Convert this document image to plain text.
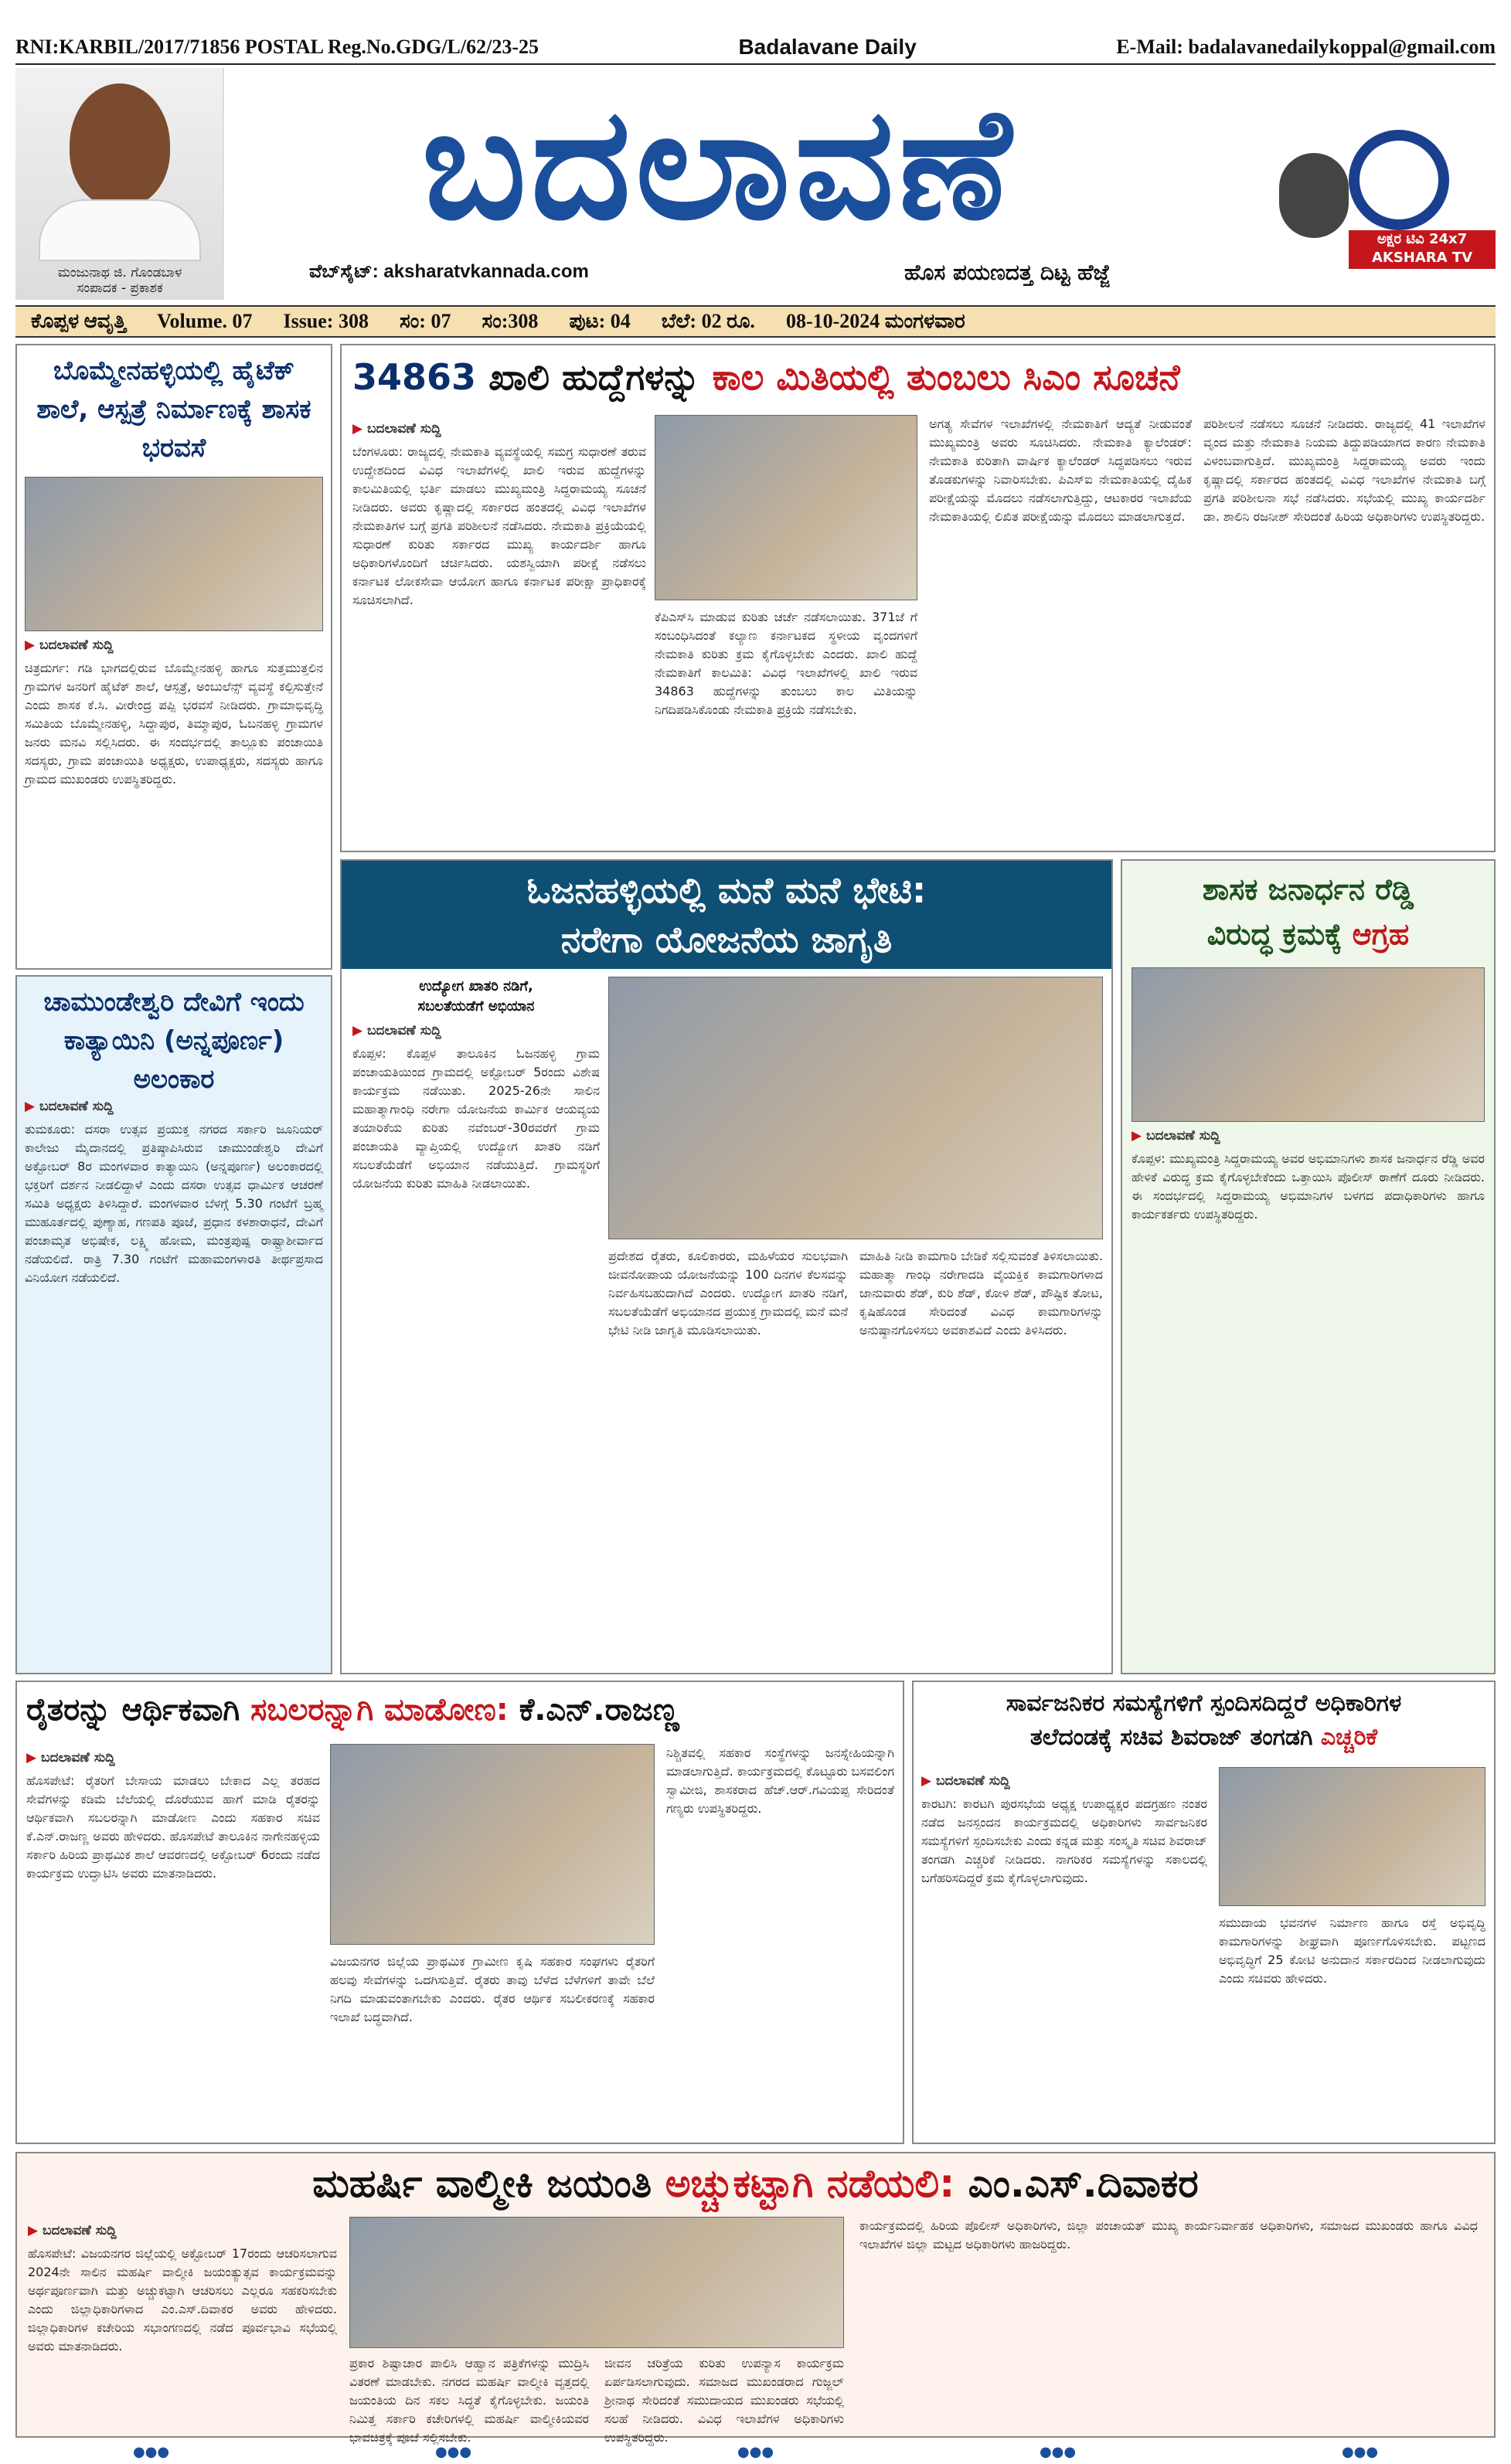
RNI:KARBIL/2017/71856 POSTAL Reg.No.GDG/L/62/23-25	Badalavane Daily	E-Mail: badalavanedailykoppal@gmail.com
ಮಂಜುನಾಥ ಜಿ. ಗೊಂಡಬಾಳ
ಸಂಪಾದಕ - ಪ್ರಕಾಶಕ
ಬದಲಾವಣೆ
ವೆಬ್‌ಸೈಟ್: aksharatvkannada.com	ಹೊಸ ಪಯಣದತ್ತ ದಿಟ್ಟ ಹೆಜ್ಜೆ
ಅಕ್ಷರ ಟಿವಿ 24x7
AKSHARA TV KANNADA
ಕೊಪ್ಪಳ ಆವೃತ್ತಿ Volume. 07 Issue: 308 ಸಂ: 07 ಸಂ:308 ಪುಟ: 04 ಬೆಲೆ: 02 ರೂ. 08-10-2024 ಮಂಗಳವಾರ
ಬೊಮ್ಮೇನಹಳ್ಳಿಯಲ್ಲಿ ಹೈಟೆಕ್ ಶಾಲೆ, ಆಸ್ಪತ್ರೆ ನಿರ್ಮಾಣಕ್ಕೆ ಶಾಸಕ ಭರವಸೆ
▶ ಬದಲಾವಣೆ ಸುದ್ದಿ
ಚಿತ್ರದುರ್ಗ: ಗಡಿ ಭಾಗದಲ್ಲಿರುವ ಬೊಮ್ಮೇನಹಳ್ಳಿ ಹಾಗೂ ಸುತ್ತಮುತ್ತಲಿನ ಗ್ರಾಮಗಳ ಜನರಿಗೆ ಹೈಟೆಕ್ ಶಾಲೆ, ಆಸ್ಪತ್ರೆ, ಅಂಬುಲೆನ್ಸ್ ವ್ಯವಸ್ಥೆ ಕಲ್ಪಿಸುತ್ತೇನೆ ಎಂದು ಶಾಸಕ ಕೆ.ಸಿ. ವೀರೇಂದ್ರ ಪಪ್ಪಿ ಭರವಸೆ ನೀಡಿದರು. ಗ್ರಾಮಾಭಿವೃದ್ಧಿ ಸಮಿತಿಯ ಬೊಮ್ಮೇನಹಳ್ಳಿ, ಸಿದ್ದಾಪುರ, ತಿಮ್ಮಾಪುರ, ಓಬನಹಳ್ಳಿ ಗ್ರಾಮಗಳ ಜನರು ಮನವಿ ಸಲ್ಲಿಸಿದರು. ಈ ಸಂದರ್ಭದಲ್ಲಿ ತಾಲ್ಲೂಕು ಪಂಚಾಯಿತಿ ಸದಸ್ಯರು, ಗ್ರಾಮ ಪಂಚಾಯಿತಿ ಅಧ್ಯಕ್ಷರು, ಉಪಾಧ್ಯಕ್ಷರು, ಸದಸ್ಯರು ಹಾಗೂ ಗ್ರಾಮದ ಮುಖಂಡರು ಉಪಸ್ಥಿತರಿದ್ದರು.
ಚಾಮುಂಡೇಶ್ವರಿ ದೇವಿಗೆ ಇಂದು ಕಾತ್ಯಾಯಿನಿ (ಅನ್ನಪೂರ್ಣ) ಅಲಂಕಾರ
▶ ಬದಲಾವಣೆ ಸುದ್ದಿ
ತುಮಕೂರು: ದಸರಾ ಉತ್ಸವ ಪ್ರಯುಕ್ತ ನಗರದ ಸರ್ಕಾರಿ ಜೂನಿಯರ್ ಕಾಲೇಜು ಮೈದಾನದಲ್ಲಿ ಪ್ರತಿಷ್ಠಾಪಿಸಿರುವ ಚಾಮುಂಡೇಶ್ವರಿ ದೇವಿಗೆ ಅಕ್ಟೋಬರ್ 8ರ ಮಂಗಳವಾರ ಕಾತ್ಯಾಯಿನಿ (ಅನ್ನಪೂರ್ಣ) ಅಲಂಕಾರದಲ್ಲಿ ಭಕ್ತರಿಗೆ ದರ್ಶನ ನೀಡಲಿದ್ದಾಳೆ ಎಂದು ದಸರಾ ಉತ್ಸವ ಧಾರ್ಮಿಕ ಆಚರಣೆ ಸಮಿತಿ ಅಧ್ಯಕ್ಷರು ತಿಳಿಸಿದ್ದಾರೆ. ಮಂಗಳವಾರ ಬೆಳಗ್ಗೆ 5.30 ಗಂಟೆಗೆ ಬ್ರಹ್ಮ ಮುಹೂರ್ತದಲ್ಲಿ ಪುಣ್ಯಾಹ, ಗಣಪತಿ ಪೂಜೆ, ಪ್ರಧಾನ ಕಳಶಾರಾಧನೆ, ದೇವಿಗೆ ಪಂಚಾಮೃತ ಅಭಿಷೇಕ, ಲಕ್ಷ್ಮಿ ಹೋಮ, ಮಂತ್ರಪುಷ್ಪ ರಾಷ್ಟ್ರಾಶೀರ್ವಾದ ನಡೆಯಲಿದೆ. ರಾತ್ರಿ 7.30 ಗಂಟೆಗೆ ಮಹಾಮಂಗಳಾರತಿ ತೀರ್ಥಪ್ರಸಾದ ವಿನಿಯೋಗ ನಡೆಯಲಿದೆ.
34863 ಖಾಲಿ ಹುದ್ದೆಗಳನ್ನು ಕಾಲ ಮಿತಿಯಲ್ಲಿ ತುಂಬಲು ಸಿಎಂ ಸೂಚನೆ
▶ ಬದಲಾವಣೆ ಸುದ್ದಿ
ಬೆಂಗಳೂರು: ರಾಜ್ಯದಲ್ಲಿ ನೇಮಕಾತಿ ವ್ಯವಸ್ಥೆಯಲ್ಲಿ ಸಮಗ್ರ ಸುಧಾರಣೆ ತರುವ ಉದ್ದೇಶದಿಂದ ವಿವಿಧ ಇಲಾಖೆಗಳಲ್ಲಿ ಖಾಲಿ ಇರುವ ಹುದ್ದೆಗಳನ್ನು ಕಾಲಮಿತಿಯಲ್ಲಿ ಭರ್ತಿ ಮಾಡಲು ಮುಖ್ಯಮಂತ್ರಿ ಸಿದ್ದರಾಮಯ್ಯ ಸೂಚನೆ ನೀಡಿದರು. ಅವರು ಕೃಷ್ಣಾದಲ್ಲಿ ಸರ್ಕಾರದ ಹಂತದಲ್ಲಿ ವಿವಿಧ ಇಲಾಖೆಗಳ ನೇಮಕಾತಿಗಳ ಬಗ್ಗೆ ಪ್ರಗತಿ ಪರಿಶೀಲನೆ ನಡೆಸಿದರು. ನೇಮಕಾತಿ ಪ್ರಕ್ರಿಯೆಯಲ್ಲಿ ಸುಧಾರಣೆ ಕುರಿತು ಸರ್ಕಾರದ ಮುಖ್ಯ ಕಾರ್ಯದರ್ಶಿ ಹಾಗೂ ಅಧಿಕಾರಿಗಳೊಂದಿಗೆ ಚರ್ಚಿಸಿದರು. ಯಶಸ್ವಿಯಾಗಿ ಪರೀಕ್ಷೆ ನಡೆಸಲು ಕರ್ನಾಟಕ ಲೋಕಸೇವಾ ಆಯೋಗ ಹಾಗೂ ಕರ್ನಾಟಕ ಪರೀಕ್ಷಾ ಪ್ರಾಧಿಕಾರಕ್ಕೆ ಸೂಚಿಸಲಾಗಿದೆ.
ಕೆಪಿಎಸ್‌ಸಿ ಮಾಡುವ ಕುರಿತು ಚರ್ಚೆ ನಡೆಸಲಾಯಿತು. 371ಜೆ ಗೆ ಸಂಬಂಧಿಸಿದಂತೆ ಕಲ್ಯಾಣ ಕರ್ನಾಟಕದ ಸ್ಥಳೀಯ ವೃಂದಗಳಿಗೆ ನೇಮಕಾತಿ ಕುರಿತು ಕ್ರಮ ಕೈಗೊಳ್ಳಬೇಕು ಎಂದರು. ಖಾಲಿ ಹುದ್ದೆ ನೇಮಕಾತಿಗೆ ಕಾಲಮಿತಿ: ವಿವಿಧ ಇಲಾಖೆಗಳಲ್ಲಿ ಖಾಲಿ ಇರುವ 34863 ಹುದ್ದೆಗಳನ್ನು ತುಂಬಲು ಕಾಲ ಮಿತಿಯನ್ನು ನಿಗದಿಪಡಿಸಿಕೊಂಡು ನೇಮಕಾತಿ ಪ್ರಕ್ರಿಯೆ ನಡೆಸಬೇಕು.
ಅಗತ್ಯ ಸೇವೆಗಳ ಇಲಾಖೆಗಳಲ್ಲಿ ನೇಮಕಾತಿಗೆ ಆದ್ಯತೆ ನೀಡುವಂತೆ ಮುಖ್ಯಮಂತ್ರಿ ಅವರು ಸೂಚಿಸಿದರು. ನೇಮಕಾತಿ ಕ್ಯಾಲೆಂಡರ್: ನೇಮಕಾತಿ ಕುರಿತಾಗಿ ವಾರ್ಷಿಕ ಕ್ಯಾಲೆಂಡರ್ ಸಿದ್ಧಪಡಿಸಲು ಇರುವ ತೊಡಕುಗಳನ್ನು ನಿವಾರಿಸಬೇಕು. ಪಿಎಸ್‌ಐ ನೇಮಕಾತಿಯಲ್ಲಿ ದೈಹಿಕ ಪರೀಕ್ಷೆಯನ್ನು ಮೊದಲು ನಡೆಸಲಾಗುತ್ತಿದ್ದು, ಆಟಕಾರರ ಇಲಾಖೆಯ ನೇಮಕಾತಿಯಲ್ಲಿ ಲಿಖಿತ ಪರೀಕ್ಷೆಯನ್ನು ಮೊದಲು ಮಾಡಲಾಗುತ್ತದೆ.
ಪರಿಶೀಲನೆ ನಡೆಸಲು ಸೂಚನೆ ನೀಡಿದರು. ರಾಜ್ಯದಲ್ಲಿ 41 ಇಲಾಖೆಗಳ ವೃಂದ ಮತ್ತು ನೇಮಕಾತಿ ನಿಯಮ ತಿದ್ದುಪಡಿಯಾಗದ ಕಾರಣ ನೇಮಕಾತಿ ವಿಳಂಬವಾಗುತ್ತಿದೆ. ಮುಖ್ಯಮಂತ್ರಿ ಸಿದ್ದರಾಮಯ್ಯ ಅವರು ಇಂದು ಕೃಷ್ಣಾದಲ್ಲಿ ಸರ್ಕಾರದ ಹಂತದಲ್ಲಿ ವಿವಿಧ ಇಲಾಖೆಗಳ ನೇಮಕಾತಿ ಬಗ್ಗೆ ಪ್ರಗತಿ ಪರಿಶೀಲನಾ ಸಭೆ ನಡೆಸಿದರು. ಸಭೆಯಲ್ಲಿ ಮುಖ್ಯ ಕಾರ್ಯದರ್ಶಿ ಡಾ. ಶಾಲಿನಿ ರಜನೀಶ್ ಸೇರಿದಂತೆ ಹಿರಿಯ ಅಧಿಕಾರಿಗಳು ಉಪಸ್ಥಿತರಿದ್ದರು.
ಓಜನಹಳ್ಳಿಯಲ್ಲಿ ಮನೆ ಮನೆ ಭೇಟಿ:
ನರೇಗಾ ಯೋಜನೆಯ ಜಾಗೃತಿ
ಉದ್ಯೋಗ ಖಾತರಿ ನಡಿಗೆ,
ಸಬಲತೆಯಡೆಗೆ ಅಭಿಯಾನ
▶ ಬದಲಾವಣೆ ಸುದ್ದಿ
ಕೊಪ್ಪಳ: ಕೊಪ್ಪಳ ತಾಲೂಕಿನ ಓಜನಹಳ್ಳಿ ಗ್ರಾಮ ಪಂಚಾಯತಿಯಿಂದ ಗ್ರಾಮದಲ್ಲಿ ಅಕ್ಟೋಬರ್ 5ರಂದು ವಿಶೇಷ ಕಾರ್ಯಕ್ರಮ ನಡೆಯಿತು. 2025-26ನೇ ಸಾಲಿನ ಮಹಾತ್ಮಾಗಾಂಧಿ ನರೇಗಾ ಯೋಜನೆಯ ಕಾರ್ಮಿಕ ಆಯವ್ಯಯ ತಯಾರಿಕೆಯ ಕುರಿತು ನವೆಂಬರ್-30ರವರೆಗೆ ಗ್ರಾಮ ಪಂಚಾಯತಿ ವ್ಯಾಪ್ತಿಯಲ್ಲಿ ಉದ್ಯೋಗ ಖಾತರಿ ನಡಿಗೆ ಸಬಲತೆಯೆಡೆಗೆ ಅಭಿಯಾನ ನಡೆಯುತ್ತಿದೆ. ಗ್ರಾಮಸ್ಥರಿಗೆ ಯೋಜನೆಯ ಕುರಿತು ಮಾಹಿತಿ ನೀಡಲಾಯಿತು.
ಪ್ರದೇಶದ ರೈತರು, ಕೂಲಿಕಾರರು, ಮಹಿಳೆಯರ ಸುಲಭವಾಗಿ ಜೀವನೋಪಾಯ ಯೋಜನೆಯನ್ನು 100 ದಿನಗಳ ಕೆಲಸವನ್ನು ನಿರ್ವಹಿಸಬಹುದಾಗಿದೆ ಎಂದರು. ಉದ್ಯೋಗ ಖಾತರಿ ನಡಿಗೆ, ಸಬಲತೆಯೆಡೆಗೆ ಅಭಿಯಾನದ ಪ್ರಯುಕ್ತ ಗ್ರಾಮದಲ್ಲಿ ಮನೆ ಮನೆ ಭೇಟಿ ನೀಡಿ ಜಾಗೃತಿ ಮೂಡಿಸಲಾಯಿತು.
ಮಾಹಿತಿ ನೀಡಿ ಕಾಮಗಾರಿ ಬೇಡಿಕೆ ಸಲ್ಲಿಸುವಂತೆ ತಿಳಿಸಲಾಯಿತು. ಮಹಾತ್ಮಾ ಗಾಂಧಿ ನರೇಗಾದಡಿ ವೈಯಕ್ತಿಕ ಕಾಮಗಾರಿಗಳಾದ ಜಾನುವಾರು ಶೆಡ್, ಕುರಿ ಶೆಡ್, ಕೋಳಿ ಶೆಡ್, ಪೌಷ್ಟಿಕ ತೋಟ, ಕೃಷಿಹೊಂಡ ಸೇರಿದಂತೆ ವಿವಿಧ ಕಾಮಗಾರಿಗಳನ್ನು ಅನುಷ್ಠಾನಗೊಳಿಸಲು ಅವಕಾಶವಿದೆ ಎಂದು ತಿಳಿಸಿದರು.
ಶಾಸಕ ಜನಾರ್ಧನ ರೆಡ್ಡಿ
ವಿರುದ್ಧ ಕ್ರಮಕ್ಕೆ ಆಗ್ರಹ
▶ ಬದಲಾವಣೆ ಸುದ್ದಿ
ಕೊಪ್ಪಳ: ಮುಖ್ಯಮಂತ್ರಿ ಸಿದ್ದರಾಮಯ್ಯ ಅವರ ಅಭಿಮಾನಿಗಳು ಶಾಸಕ ಜನಾರ್ಧನ ರೆಡ್ಡಿ ಅವರ ಹೇಳಿಕೆ ವಿರುದ್ಧ ಕ್ರಮ ಕೈಗೊಳ್ಳಬೇಕೆಂದು ಒತ್ತಾಯಿಸಿ ಪೊಲೀಸ್ ಠಾಣೆಗೆ ದೂರು ನೀಡಿದರು. ಈ ಸಂದರ್ಭದಲ್ಲಿ ಸಿದ್ದರಾಮಯ್ಯ ಅಭಿಮಾನಿಗಳ ಬಳಗದ ಪದಾಧಿಕಾರಿಗಳು ಹಾಗೂ ಕಾರ್ಯಕರ್ತರು ಉಪಸ್ಥಿತರಿದ್ದರು.
ರೈತರನ್ನು ಆರ್ಥಿಕವಾಗಿ ಸಬಲರನ್ನಾಗಿ ಮಾಡೋಣ: ಕೆ.ಎನ್.ರಾಜಣ್ಣ
▶ ಬದಲಾವಣೆ ಸುದ್ದಿ
ಹೊಸಪೇಟೆ: ರೈತರಿಗೆ ಬೇಸಾಯ ಮಾಡಲು ಬೇಕಾದ ಎಲ್ಲ ತರಹದ ಸೇವೆಗಳನ್ನು ಕಡಿಮೆ ಬೆಲೆಯಲ್ಲಿ ದೊರೆಯುವ ಹಾಗೆ ಮಾಡಿ ರೈತರನ್ನು ಆರ್ಥಿಕವಾಗಿ ಸಬಲರನ್ನಾಗಿ ಮಾಡೋಣ ಎಂದು ಸಹಕಾರ ಸಚಿವ ಕೆ.ಎನ್.ರಾಜಣ್ಣ ಅವರು ಹೇಳಿದರು. ಹೊಸಪೇಟೆ ತಾಲೂಕಿನ ನಾಗೇನಹಳ್ಳಿಯ ಸರ್ಕಾರಿ ಹಿರಿಯ ಪ್ರಾಥಮಿಕ ಶಾಲೆ ಆವರಣದಲ್ಲಿ ಅಕ್ಟೋಬರ್ 6ರಂದು ನಡೆದ ಕಾರ್ಯಕ್ರಮ ಉದ್ಘಾಟಿಸಿ ಅವರು ಮಾತನಾಡಿದರು.
ವಿಜಯನಗರ ಜಿಲ್ಲೆಯ ಪ್ರಾಥಮಿಕ ಗ್ರಾಮೀಣ ಕೃಷಿ ಸಹಕಾರ ಸಂಘಗಳು ರೈತರಿಗೆ ಹಲವು ಸೇವೆಗಳನ್ನು ಒದಗಿಸುತ್ತಿವೆ. ರೈತರು ತಾವು ಬೆಳೆದ ಬೆಳೆಗಳಿಗೆ ತಾವೇ ಬೆಲೆ ನಿಗದಿ ಮಾಡುವಂತಾಗಬೇಕು ಎಂದರು. ರೈತರ ಆರ್ಥಿಕ ಸಬಲೀಕರಣಕ್ಕೆ ಸಹಕಾರ ಇಲಾಖೆ ಬದ್ಧವಾಗಿದೆ.
ನಿಶ್ಚಿತವಲ್ಲಿ ಸಹಕಾರ ಸಂಸ್ಥೆಗಳನ್ನು ಜನಸ್ನೇಹಿಯನ್ನಾಗಿ ಮಾಡಲಾಗುತ್ತಿದೆ. ಕಾರ್ಯಕ್ರಮದಲ್ಲಿ ಕೊಟ್ಟೂರು ಬಸವಲಿಂಗ ಸ್ವಾಮೀಜಿ, ಶಾಸಕರಾದ ಹೆಚ್.ಆರ್.ಗವಿಯಪ್ಪ ಸೇರಿದಂತೆ ಗಣ್ಯರು ಉಪಸ್ಥಿತರಿದ್ದರು.
ಸಾರ್ವಜನಿಕರ ಸಮಸ್ಯೆಗಳಿಗೆ ಸ್ಪಂದಿಸದಿದ್ದರೆ ಅಧಿಕಾರಿಗಳ
ತಲೆದಂಡಕ್ಕೆ ಸಚಿವ ಶಿವರಾಜ್ ತಂಗಡಗಿ ಎಚ್ಚರಿಕೆ
▶ ಬದಲಾವಣೆ ಸುದ್ದಿ
ಕಾರಟಗಿ: ಕಾರಟಗಿ ಪುರಸಭೆಯ ಅಧ್ಯಕ್ಷ ಉಪಾಧ್ಯಕ್ಷರ ಪದಗ್ರಹಣ ನಂತರ ನಡೆದ ಜನಸ್ಪಂದನ ಕಾರ್ಯಕ್ರಮದಲ್ಲಿ ಅಧಿಕಾರಿಗಳು ಸಾರ್ವಜನಿಕರ ಸಮಸ್ಯೆಗಳಿಗೆ ಸ್ಪಂದಿಸಬೇಕು ಎಂದು ಕನ್ನಡ ಮತ್ತು ಸಂಸ್ಕೃತಿ ಸಚಿವ ಶಿವರಾಜ್ ತಂಗಡಗಿ ಎಚ್ಚರಿಕೆ ನೀಡಿದರು. ನಾಗರಿಕರ ಸಮಸ್ಯೆಗಳನ್ನು ಸಕಾಲದಲ್ಲಿ ಬಗೆಹರಿಸದಿದ್ದರೆ ಕ್ರಮ ಕೈಗೊಳ್ಳಲಾಗುವುದು.
ಸಮುದಾಯ ಭವನಗಳ ನಿರ್ಮಾಣ ಹಾಗೂ ರಸ್ತೆ ಅಭಿವೃದ್ಧಿ ಕಾಮಗಾರಿಗಳನ್ನು ಶೀಘ್ರವಾಗಿ ಪೂರ್ಣಗೊಳಿಸಬೇಕು. ಪಟ್ಟಣದ ಅಭಿವೃದ್ಧಿಗೆ 25 ಕೋಟಿ ಅನುದಾನ ಸರ್ಕಾರದಿಂದ ನೀಡಲಾಗುವುದು ಎಂದು ಸಚಿವರು ಹೇಳಿದರು.
ಮಹರ್ಷಿ ವಾಲ್ಮೀಕಿ ಜಯಂತಿ ಅಚ್ಚುಕಟ್ಟಾಗಿ ನಡೆಯಲಿ: ಎಂ.ಎಸ್.ದಿವಾಕರ
▶ ಬದಲಾವಣೆ ಸುದ್ದಿ
ಹೊಸಪೇಟೆ: ವಿಜಯನಗರ ಜಿಲ್ಲೆಯಲ್ಲಿ ಅಕ್ಟೋಬರ್ 17ರಂದು ಆಚರಿಸಲಾಗುವ 2024ನೇ ಸಾಲಿನ ಮಹರ್ಷಿ ವಾಲ್ಮೀಕಿ ಜಯಂತ್ಯುತ್ಸವ ಕಾರ್ಯಕ್ರಮವನ್ನು ಅರ್ಥಪೂರ್ಣವಾಗಿ ಮತ್ತು ಅಚ್ಚುಕಟ್ಟಾಗಿ ಆಚರಿಸಲು ಎಲ್ಲರೂ ಸಹಕರಿಸಬೇಕು ಎಂದು ಜಿಲ್ಲಾಧಿಕಾರಿಗಳಾದ ಎಂ.ಎಸ್.ದಿವಾಕರ ಅವರು ಹೇಳಿದರು. ಜಿಲ್ಲಾಧಿಕಾರಿಗಳ ಕಚೇರಿಯ ಸಭಾಂಗಣದಲ್ಲಿ ನಡೆದ ಪೂರ್ವಭಾವಿ ಸಭೆಯಲ್ಲಿ ಅವರು ಮಾತನಾಡಿದರು.
ಪ್ರಕಾರ ಶಿಷ್ಟಾಚಾರ ಪಾಲಿಸಿ ಆಹ್ವಾನ ಪತ್ರಿಕೆಗಳನ್ನು ಮುದ್ರಿಸಿ ವಿತರಣೆ ಮಾಡಬೇಕು. ನಗರದ ಮಹರ್ಷಿ ವಾಲ್ಮೀಕಿ ವೃತ್ತದಲ್ಲಿ ಜಯಂತಿಯ ದಿನ ಸಕಲ ಸಿದ್ಧತೆ ಕೈಗೊಳ್ಳಬೇಕು. ಜಯಂತಿ ನಿಮಿತ್ತ ಸರ್ಕಾರಿ ಕಚೇರಿಗಳಲ್ಲಿ ಮಹರ್ಷಿ ವಾಲ್ಮೀಕಿಯವರ ಭಾವಚಿತ್ರಕ್ಕೆ ಪೂಜೆ ಸಲ್ಲಿಸಬೇಕು.
ಜೀವನ ಚರಿತ್ರೆಯ ಕುರಿತು ಉಪನ್ಯಾಸ ಕಾರ್ಯಕ್ರಮ ಏರ್ಪಡಿಸಲಾಗುವುದು. ಸಮಾಜದ ಮುಖಂಡರಾದ ಗುಜ್ಜಲ್ ಶ್ರೀನಾಥ ಸೇರಿದಂತೆ ಸಮುದಾಯದ ಮುಖಂಡರು ಸಭೆಯಲ್ಲಿ ಸಲಹೆ ನೀಡಿದರು. ವಿವಿಧ ಇಲಾಖೆಗಳ ಅಧಿಕಾರಿಗಳು ಉಪಸ್ಥಿತರಿದ್ದರು.
ಕಾರ್ಯಕ್ರಮದಲ್ಲಿ ಹಿರಿಯ ಪೊಲೀಸ್ ಅಧಿಕಾರಿಗಳು, ಜಿಲ್ಲಾ ಪಂಚಾಯತ್ ಮುಖ್ಯ ಕಾರ್ಯನಿರ್ವಾಹಕ ಅಧಿಕಾರಿಗಳು, ಸಮಾಜದ ಮುಖಂಡರು ಹಾಗೂ ವಿವಿಧ ಇಲಾಖೆಗಳ ಜಿಲ್ಲಾ ಮಟ್ಟದ ಅಧಿಕಾರಿಗಳು ಹಾಜರಿದ್ದರು.
●●●	●●●	●●●	●●●	●●●
